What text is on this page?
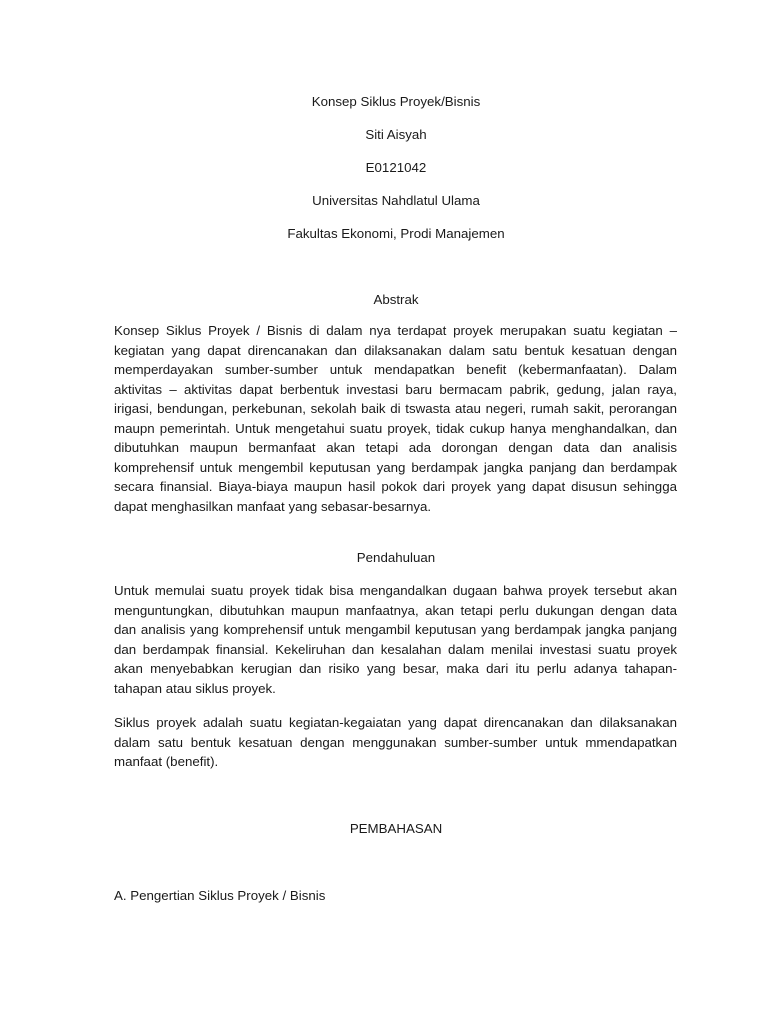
Konsep Siklus Proyek/Bisnis
Siti Aisyah
E0121042
Universitas Nahdlatul Ulama
Fakultas Ekonomi, Prodi Manajemen
Abstrak

Konsep Siklus Proyek / Bisnis di dalam nya terdapat proyek merupakan suatu kegiatan – kegiatan yang dapat direncanakan dan dilaksanakan dalam satu bentuk kesatuan dengan memperdayakan sumber-sumber untuk mendapatkan benefit (kebermanfaatan). Dalam aktivitas – aktivitas dapat berbentuk investasi baru bermacam pabrik, gedung, jalan raya, irigasi, bendungan, perkebunan, sekolah baik di tswasta atau negeri, rumah sakit, perorangan maupn pemerintah. Untuk mengetahui suatu proyek, tidak cukup hanya menghandalkan, dan dibutuhkan maupun bermanfaat akan tetapi ada dorongan dengan data dan analisis komprehensif untuk mengembil keputusan yang berdampak jangka panjang dan berdampak secara finansial. Biaya-biaya maupun hasil pokok dari proyek yang dapat disusun sehingga dapat menghasilkan manfaat yang sebasar-besarnya.

Pendahuluan

Untuk memulai suatu proyek tidak bisa mengandalkan dugaan bahwa proyek tersebut akan menguntungkan, dibutuhkan maupun manfaatnya, akan tetapi perlu dukungan dengan data dan analisis yang komprehensif untuk mengambil keputusan yang berdampak jangka panjang dan berdampak finansial. Kekeliruhan dan kesalahan dalam menilai investasi suatu proyek akan menyebabkan kerugian dan risiko yang besar, maka dari itu perlu adanya tahapan-tahapan atau siklus proyek.

Siklus proyek adalah suatu kegiatan-kegaiatan yang dapat direncanakan dan dilaksanakan dalam satu bentuk kesatuan dengan menggunakan sumber-sumber untuk mmendapatkan manfaat (benefit).

PEMBAHASAN
A. Pengertian Siklus Proyek / Bisnis
